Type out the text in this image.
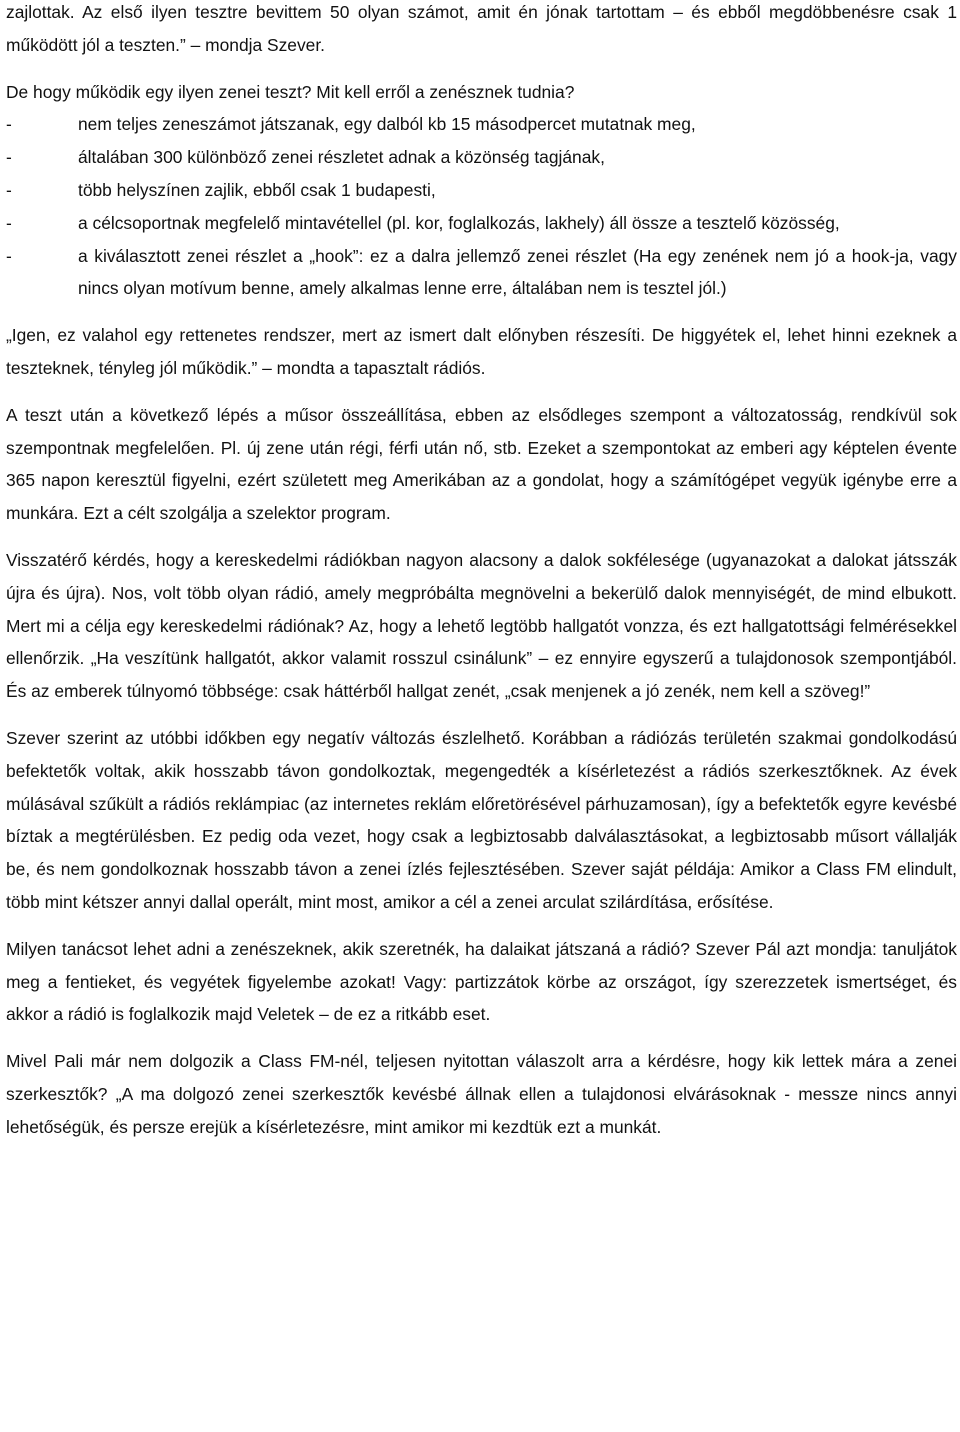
zajlottak. Az első ilyen tesztre bevittem 50 olyan számot, amit én jónak tartottam – és ebből megdöbbenésre csak 1 működött jól a teszten.” – mondja Szever.

De hogy működik egy ilyen zenei teszt? Mit kell erről a zenésznek tudnia?

-	nem teljes zeneszámot játszanak, egy dalból kb 15 másodpercet mutatnak meg,
-	általában 300 különböző zenei részletet adnak a közönség tagjának,
-	több helyszínen zajlik, ebből csak 1 budapesti,
-	a célcsoportnak megfelelő mintavétellel (pl. kor, foglalkozás, lakhely) áll össze a tesztelő közösség,
-	a kiválasztott zenei részlet a „hook”: ez a dalra jellemző zenei részlet (Ha egy zenének nem jó a hook-ja, vagy nincs olyan motívum benne, amely alkalmas lenne erre, általában nem is tesztel jól.)

„Igen, ez valahol egy rettenetes rendszer, mert az ismert dalt előnyben részesíti. De higgyétek el, lehet hinni ezeknek a teszteknek, tényleg jól működik.” – mondta a tapasztalt rádiós.

A teszt után a következő lépés a műsor összeállítása, ebben az elsődleges szempont a változatosság, rendkívül sok szempontnak megfelelően. Pl. új zene után régi, férfi után nő, stb. Ezeket a szempontokat az emberi agy képtelen évente 365 napon keresztül figyelni, ezért született meg Amerikában az a gondolat, hogy a számítógépet vegyük igénybe erre a munkára. Ezt a célt szolgálja a szelektor program.

Visszatérő kérdés, hogy a kereskedelmi rádiókban nagyon alacsony a dalok sokfélesége (ugyanazokat a dalokat játsszák újra és újra). Nos, volt több olyan rádió, amely megpróbálta megnövelni a bekerülő dalok mennyiségét, de mind elbukott. Mert mi a célja egy kereskedelmi rádiónak? Az, hogy a lehető legtöbb hallgatót vonzza, és ezt hallgatottsági felmérésekkel ellenőrzik. „Ha veszítünk hallgatót, akkor valamit rosszul csinálunk” – ez ennyire egyszerű a tulajdonosok szempontjából. És az emberek túlnyomó többsége: csak háttérből hallgat zenét, „csak menjenek a jó zenék, nem kell a szöveg!”

Szever szerint az utóbbi időkben egy negatív változás észlelhető. Korábban a rádiózás területén szakmai gondolkodású befektetők voltak, akik hosszabb távon gondolkoztak, megengedték a kísérletezést a rádiós szerkesztőknek. Az évek múlásával szűkült a rádiós reklámpiac (az internetes reklám előretörésével párhuzamosan), így a befektetők egyre kevésbé bíztak a megtérülésben. Ez pedig oda vezet, hogy csak a legbiztosabb dalválasztásokat, a legbiztosabb műsort vállalják be, és nem gondolkoznak hosszabb távon a zenei ízlés fejlesztésében. Szever saját példája: Amikor a Class FM elindult, több mint kétszer annyi dallal operált, mint most, amikor a cél a zenei arculat szilárdítása, erősítése.

Milyen tanácsot lehet adni a zenészeknek, akik szeretnék, ha dalaikat játszaná a rádió? Szever Pál azt mondja: tanuljátok meg a fentieket, és vegyétek figyelembe azokat! Vagy: partizzátok körbe az országot, így szerezzetek ismertséget, és akkor a rádió is foglalkozik majd Veletek – de ez a ritkább eset.

Mivel Pali már nem dolgozik a Class FM-nél, teljesen nyitottan válaszolt arra a kérdésre, hogy kik lettek mára a zenei szerkesztők? „A ma dolgozó zenei szerkesztők kevésbé állnak ellen a tulajdonosi elvárásoknak - messze nincs annyi lehetőségük, és persze erejük a kísérletezésre, mint amikor mi kezdtük ezt a munkát.
